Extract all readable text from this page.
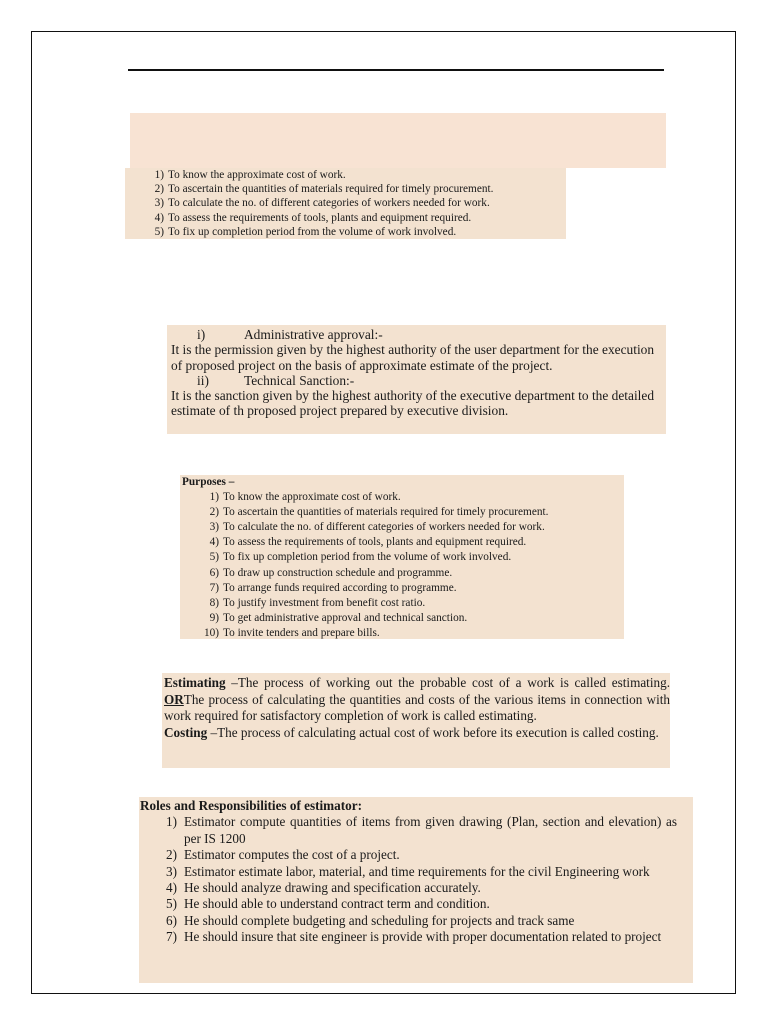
1) To know the approximate cost of work.
2) To ascertain the quantities of materials required for timely procurement.
3) To calculate the no. of different categories of workers needed for work.
4) To assess the requirements of tools, plants and equipment required.
5) To fix up completion period from the volume of work involved.
i)	Administrative approval:-
It is the permission given by the highest authority of the user department for the execution of proposed project on the basis of approximate estimate of the project.
ii)	Technical Sanction:-
It is the sanction given by the highest authority of the executive department to the detailed estimate of th proposed project prepared by executive division.
Purposes –
1) To know the approximate cost of work.
2) To ascertain the quantities of materials required for timely procurement.
3) To calculate the no. of different categories of workers needed for work.
4) To assess the requirements of tools, plants and equipment required.
5) To fix up completion period from the volume of work involved.
6) To draw up construction schedule and programme.
7) To arrange funds required according to programme.
8) To justify investment from benefit cost ratio.
9) To get administrative approval and technical sanction.
10) To invite tenders and prepare bills.

Estimating –The process of working out the probable cost of a work is called estimating. ORThe process of calculating the quantities and costs of the various items in connection with work required for satisfactory completion of work is called estimating.

Costing –The process of calculating actual cost of work before its execution is called costing.

Roles and Responsibilities of estimator:
1) Estimator compute quantities of items from given drawing (Plan, section and elevation) as per IS 1200
2) Estimator computes the cost of a project.
3) Estimator estimate labor, material, and time requirements for the civil Engineering work
4) He should analyze drawing and specification accurately.
5) He should able to understand contract term and condition.
6) He should complete budgeting and scheduling for projects and track same
7) He should insure that site engineer is provide with proper documentation related to project
